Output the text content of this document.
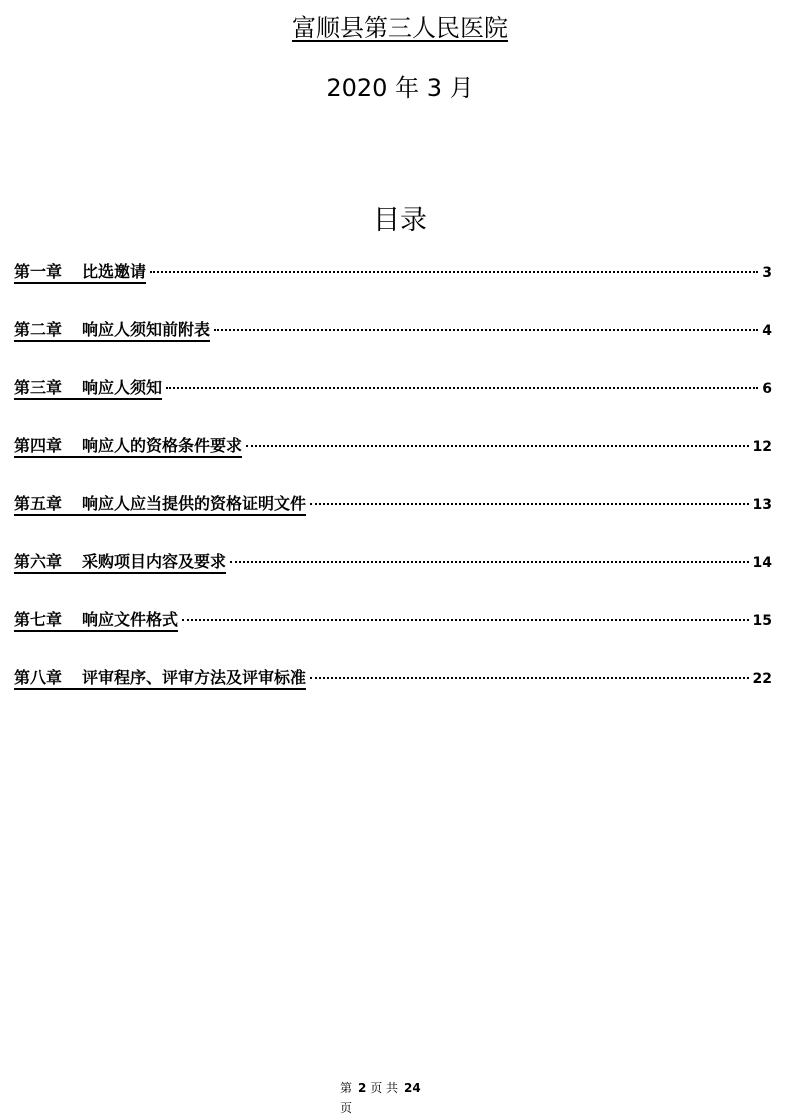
富顺县第三人民医院
2020 年 3 月
目录
第一章 比选邀请	3
第二章 响应人须知前附表	4
第三章 响应人须知	6
第四章 响应人的资格条件要求	12
第五章 响应人应当提供的资格证明文件	13
第六章 采购项目内容及要求	14
第七章 响应文件格式	15
第八章 评审程序、评审方法及评审标准	22
第 2 页 共 24
页
